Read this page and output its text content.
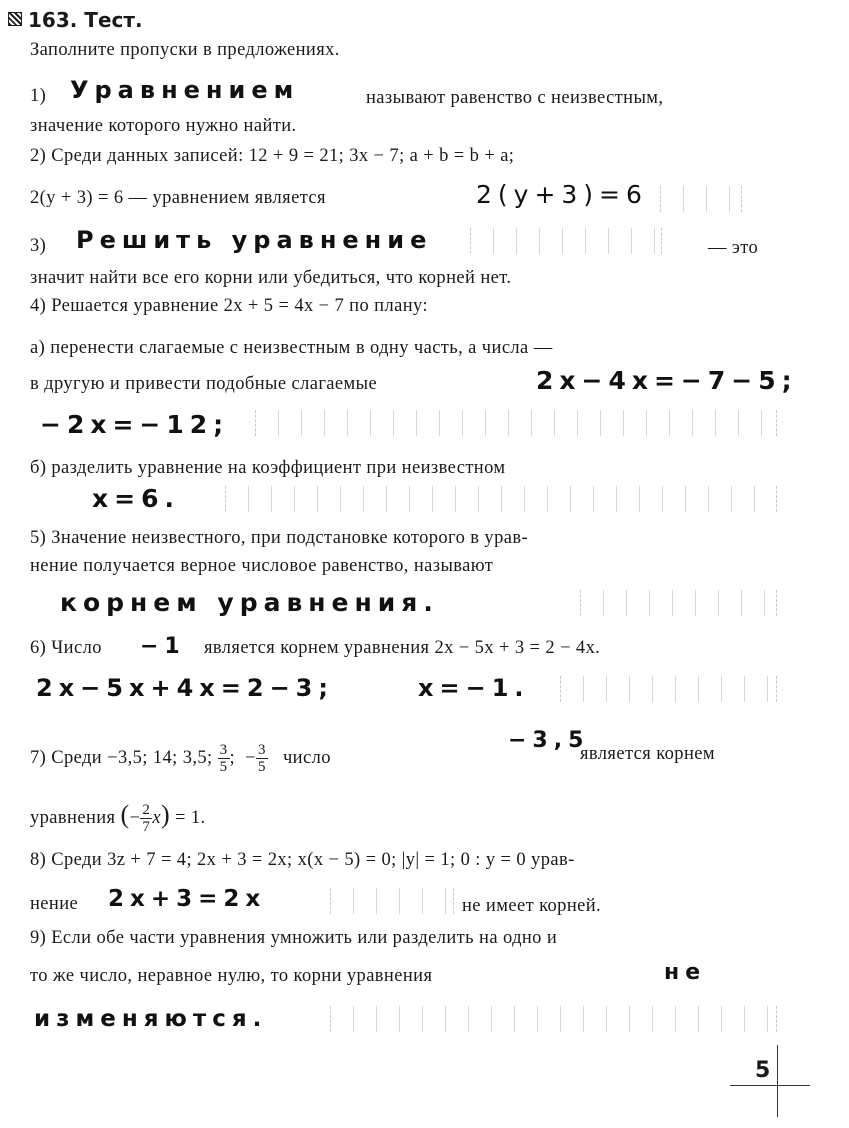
163. Тест.
Заполните пропуски в предложениях.
1) Уравнением	называют равенство с неизвестным,
значение которого нужно найти.
2) Среди данных записей: 12 + 9 = 21; 3x − 7; a + b = b + a;
2(y + 3) = 6 — уравнением является	2(y+3)=6
3) Решить уравнение	— это
значит найти все его корни или убедиться, что корней нет.
4) Решается уравнение 2x + 5 = 4x − 7 по плану:
а) перенести слагаемые с неизвестным в одну часть, а числа —
в другую и привести подобные слагаемые	2x−4x=−7−5;
−2x=−12;
б) разделить уравнение на коэффициент при неизвестном
x=6.
5) Значение неизвестного, при подстановке которого в урав-
нение получается верное числовое равенство, называют
корнем уравнения.
6) Число −1 является корнем уравнения 2x − 5x + 3 = 2 − 4x.
2x−5x+4x=2−3;	x=−1.
7) Среди −3,5; 14; 3,5; $\frac{3}{5}$ ; − $\frac{3}{5}$ число
−3,5
является корнем
уравнения (− $\frac{2}{7} x) = 1$.
8) Среди 3z + 7 = 4; 2x + 3 = 2x; x(x − 5) = 0; |y| = 1; 0 : y = 0 урав-
нение 2x+3=2x	не имеет корней.
9) Если обе части уравнения умножить или разделить на одно и
то же число, неравное нулю, то корни уравнения	не
изменяются.
5
